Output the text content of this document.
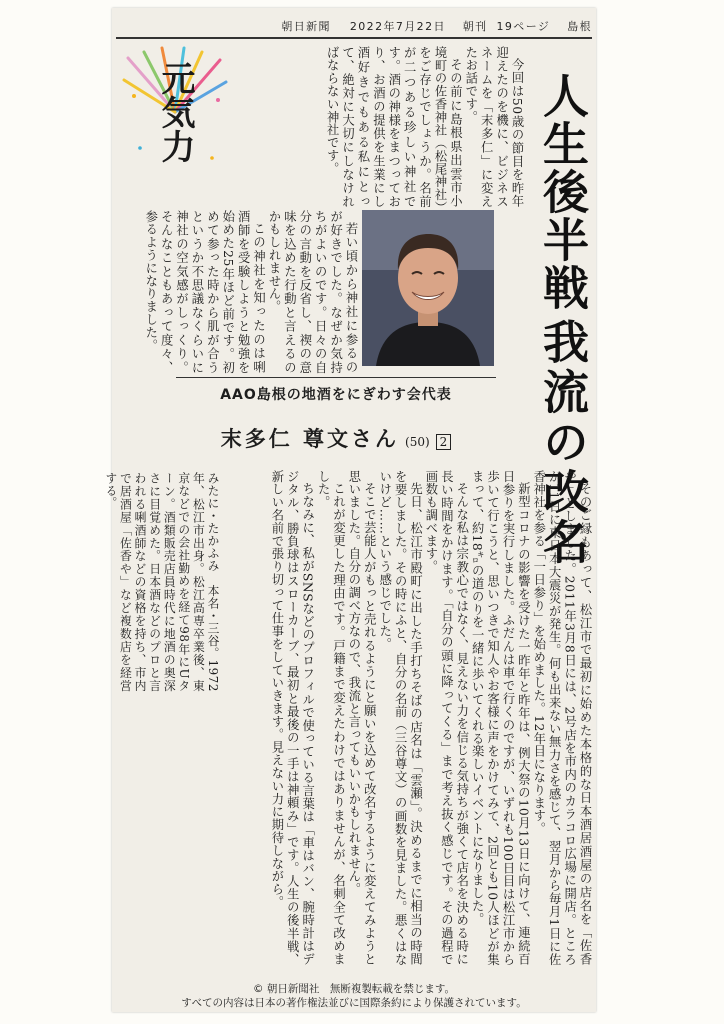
朝日新聞 2022年7月22日 朝刊 19ページ 島根
元気力	人生後半戦
我流の改名

今回は50歳の節目を昨年迎えたのを機に、ビジネスネームを「末多仁」に変えたお話です。

その前に島根県出雲市小境町の佐香神社（松尾神社）をご存じでしょうか。名前が二つある珍しい神社です。酒の神様をまつっており、お酒の提供を生業にし酒好きでもある私にとって、絶対に大切にしなければならない神社です。

若い頃から神社に参るのが好きでした。なぜか気持ちがよいのです。日々の自分の言動を反省し、禊の意味を込めた行動と言えるのかもしれません。

この神社を知ったのは唎酒師を受験しようと勉強を始めた25年ほど前です。初めて参った時から肌が合うというか不思議なくらいに神社の空気感がしっくり。そんなこともあって度々、参るようになりました。

AAO島根の地酒をにぎわす会代表
末多仁 尊文さん (50) 2

そのご縁もあって、松江市で最初に始めた本格的な日本酒居酒屋の店名を「佐香や」としました。2011年3月8日には、2号店を市内のカラコロ広場に開店。ところが11日に東日本大震災が発生。何も出来ない無力さを感じて、翌月から毎月1日に佐香神社を参る「一日参り」を始めました。12年目になります。

新型コロナの影響を受けた一昨年と昨年は、例大祭の10月13日に向けて、連続百日参りを実行しました。ふだんは車で行くのですが、いずれも100日目は松江市から歩いて行こうと、思いつきで知人やお客様に声をかけてみて、2回とも10人ほどが集まって、約18㌔の道のりを一緒に歩いてくれる楽しいイベントになりました。

そんな私は宗教心ではなく、見えない力を信じる気持ちが強くて店名を決める時に長い時間をかけます。「自分の頭に降ってくる」まで考え抜く感じです。その過程で画数も調べます。

先日、松江市殿町に出した手打ちそばの店名は「雲瀬」。決めるまでに相当の時間を要しました。その時にふと、自分の名前（三谷尊文）の画数を見ました。悪くはないけど……という感じでした。

そこで芸能人がもっと売れるようにと願いを込めて改名するように変えてみようと思いました。自分の調べ方なので、我流と言ってもいいかもしれません。

これが変更した理由です。戸籍まで変えたわけではありませんが、名刺全て改めました。

ちなみに、私がSNSなどのプロフィルで使っている言葉は「車はバン、腕時計はデジタル、勝負球はスローカーブ、最初と最後の一手は神頼み」です。人生の後半戦、新しい名前で張り切って仕事をしていきます。見えない力に期待しながら。

みたに・たかふみ　本名・三谷。1972年、松江市出身。松江高専卒業後、東京などでの会社勤めを経て98年にUターン。酒類販売店員時代に地酒の奥深さに目覚めた。日本酒などのプロと言われる唎酒師などの資格を持ち、市内で居酒屋「佐香や」など複数店を経営する。

© 朝日新聞社　無断複製転載を禁じます。
すべての内容は日本の著作権法並びに国際条約により保護されています。
